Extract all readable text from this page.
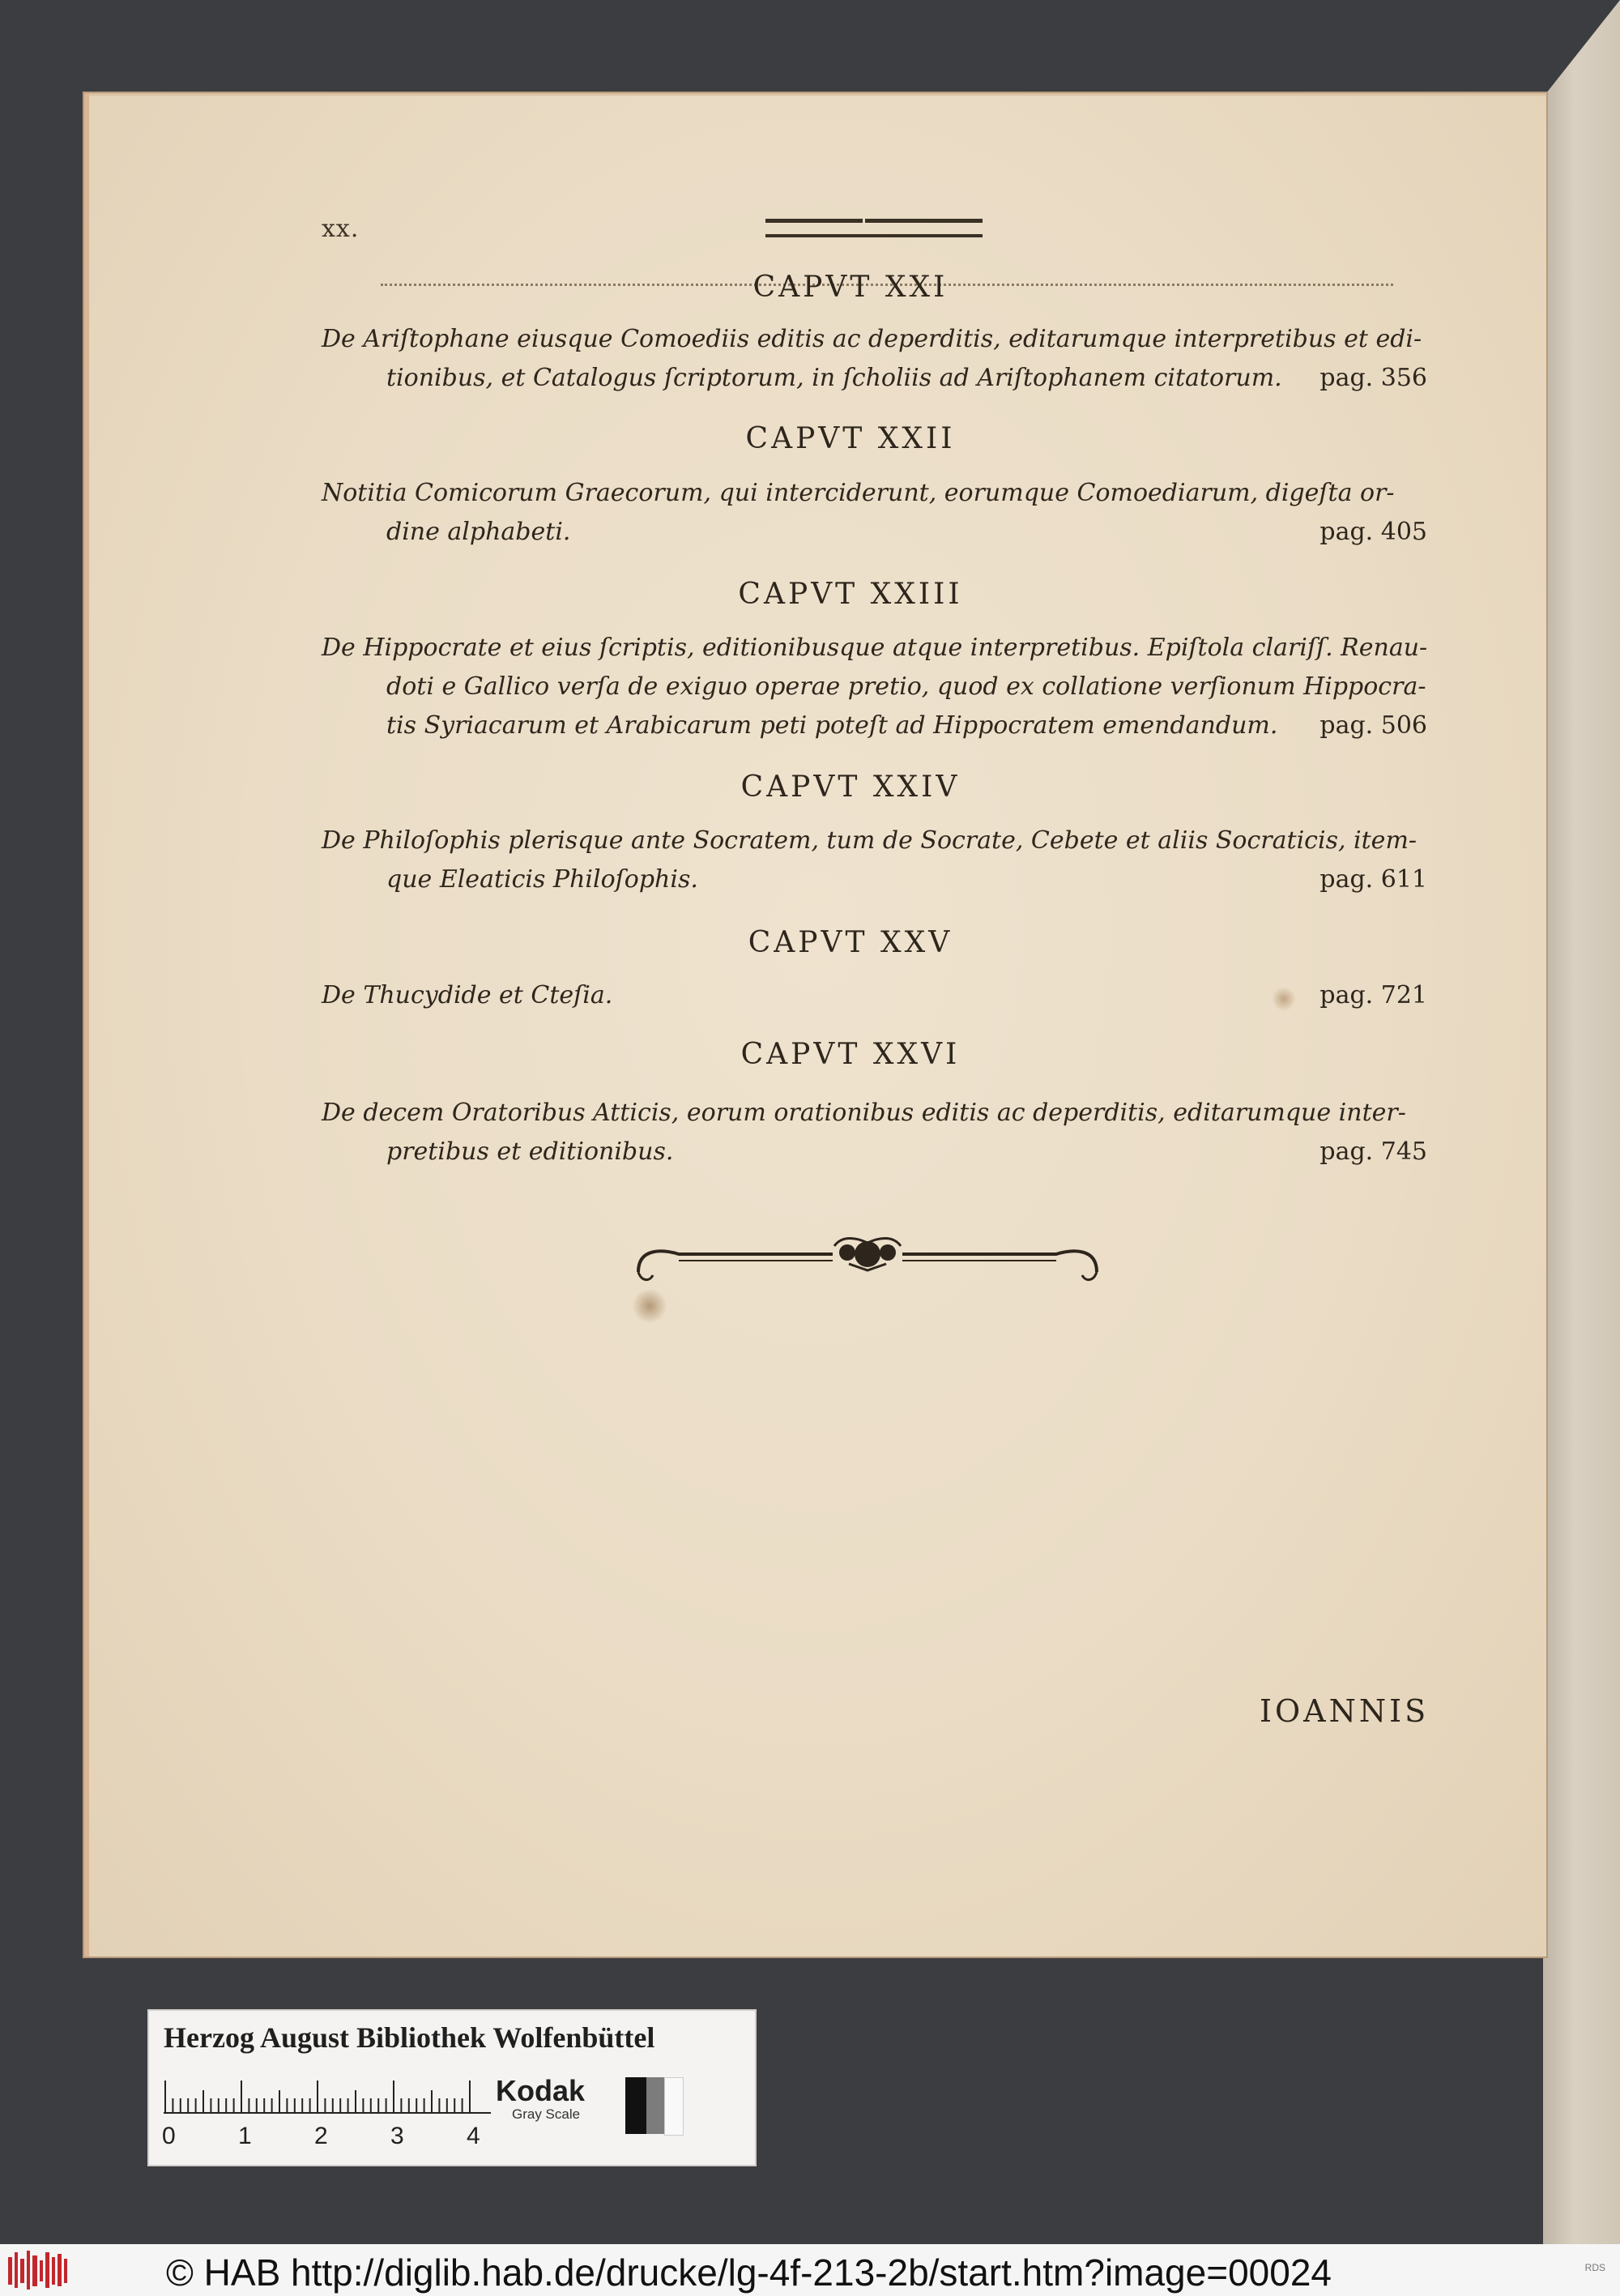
xx.
CAPVT XXI
De Ariſtophane eiusque Comoediis editis ac deperditis, editarumque interpretibus et edi-
tionibus, et Catalogus ſcriptorum, in ſcholiis ad Ariſtophanem citatorum. pag. 356
CAPVT XXII
Notitia Comicorum Graecorum, qui interciderunt, eorumque Comoediarum, digeſta or-
dine alphabeti.	pag. 405
CAPVT XXIII
De Hippocrate et eius ſcriptis, editionibusque atque interpretibus. Epiſtola clariſſ. Renau-
doti e Gallico verſa de exiguo operae pretio, quod ex collatione verſionum Hippocra-
tis Syriacarum et Arabicarum peti poteſt ad Hippocratem emendandum. pag. 506
CAPVT XXIV
De Philoſophis plerisque ante Socratem, tum de Socrate, Cebete et aliis Socraticis, item-
que Eleaticis Philoſophis.	pag. 611
CAPVT XXV
De Thucydide et Cteſia.	pag. 721
CAPVT XXVI
De decem Oratoribus Atticis, eorum orationibus editis ac deperditis, editarumque inter-
pretibus et editionibus.	pag. 745
IOANNIS
Herzog August Bibliothek Wolfenbüttel
0	1	2	3	4
Kodak
Gray Scale
© HAB http://diglib.hab.de/drucke/lg-4f-213-2b/start.htm?image=00024	RDS
